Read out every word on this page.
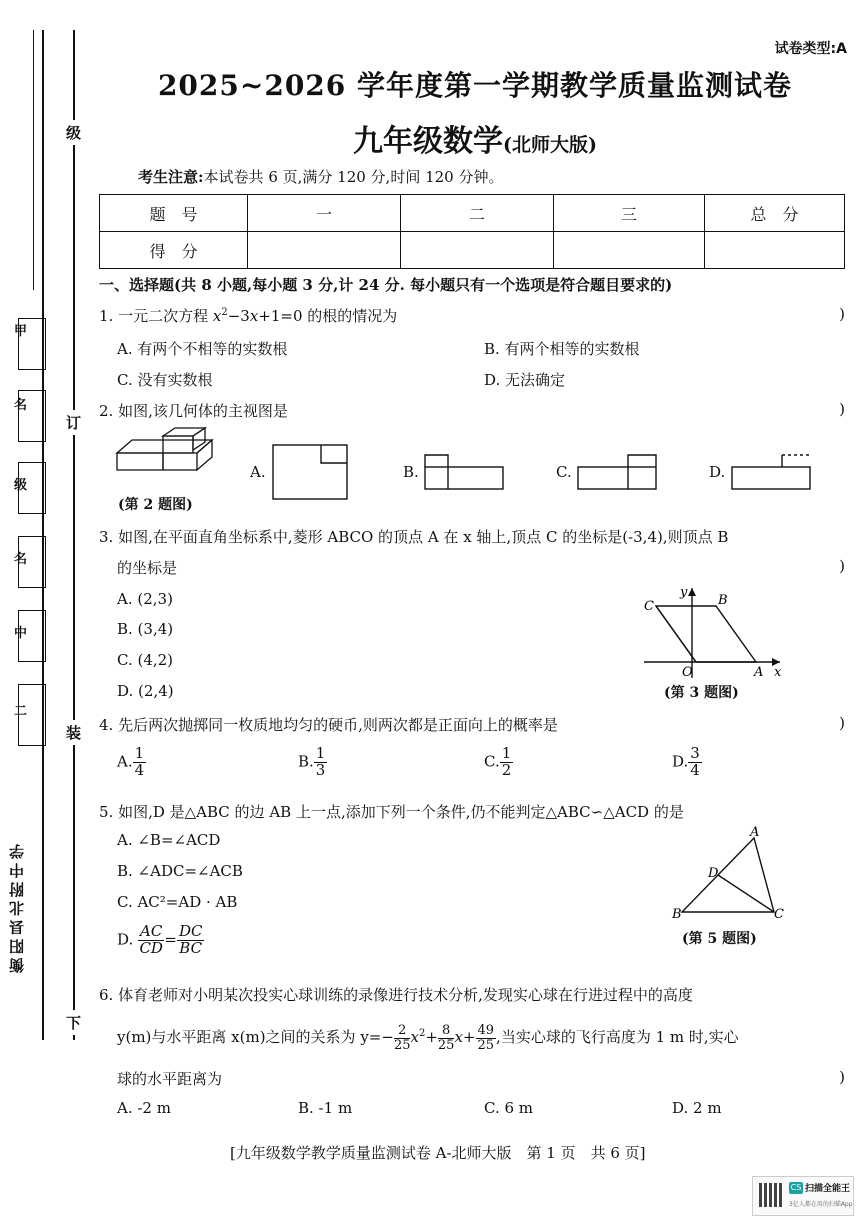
级
订
装
下
甲
名
级
名
中
二
衡阳县北附中学
试卷类型:A
2025~2026 学年度第一学期教学质量监测试卷
九年级数学(北师大版)
考生注意:本试卷共 6 页,满分 120 分,时间 120 分钟。
题　号	一	二	三	总　分
得　分				
一、选择题(共 8 小题,每小题 3 分,计 24 分. 每小题只有一个选项是符合题目要求的)
1. 一元二次方程 $x^2-3x+1=0$ 的根的情况为	)
A. 有两个不相等的实数根	B. 有两个相等的实数根
C. 没有实数根	D. 无法确定
2. 如图,该几何体的主视图是	)
(第 2 题图)
A.	B.	C.	D.
3. 如图,在平面直角坐标系中,菱形 ABCO 的顶点 A 在 x 轴上,顶点 C 的坐标是(-3,4),则顶点 B
的坐标是	)
A. (2,3)
B. (3,4)
C. (4,2)
D. (2,4)
C
y
B
O	A x
(第 3 题图)
4. 先后两次抛掷同一枚质地均匀的硬币,则两次都是正面向上的概率是	)
A. $\frac{1}{4}$	B. $\frac{1}{3}$	C. $\frac{1}{2}$	D. $\frac{3}{4}$
5. 如图,D 是△ABC 的边 AB 上一点,添加下列一个条件,仍不能判定△ABC∽△ACD 的是
A. ∠B=∠ACD
B. ∠ADC=∠ACB
C. AC²=AD · AB
D. $\frac{AC}{CD} = \frac{DC}{BC}$
A
D
B	C
(第 5 题图)
6. 体育老师对小明某次投实心球训练的录像进行技术分析,发现实心球在行进过程中的高度
y(m)与水平距离 x(m)之间的关系为 $y=- \frac{2}{25} x^2+ \frac{8}{25} x+ \frac{49}{25}$ ,当实心球的飞行高度为 1 m 时,实心
球的水平距离为	)
A. -2 m	B. -1 m	C. 6 m	D. 2 m
[九年级数学教学质量监测试卷 A-北师大版　第 1 页　共 6 页]
CS 扫描全能王
3亿人都在用的扫描App
